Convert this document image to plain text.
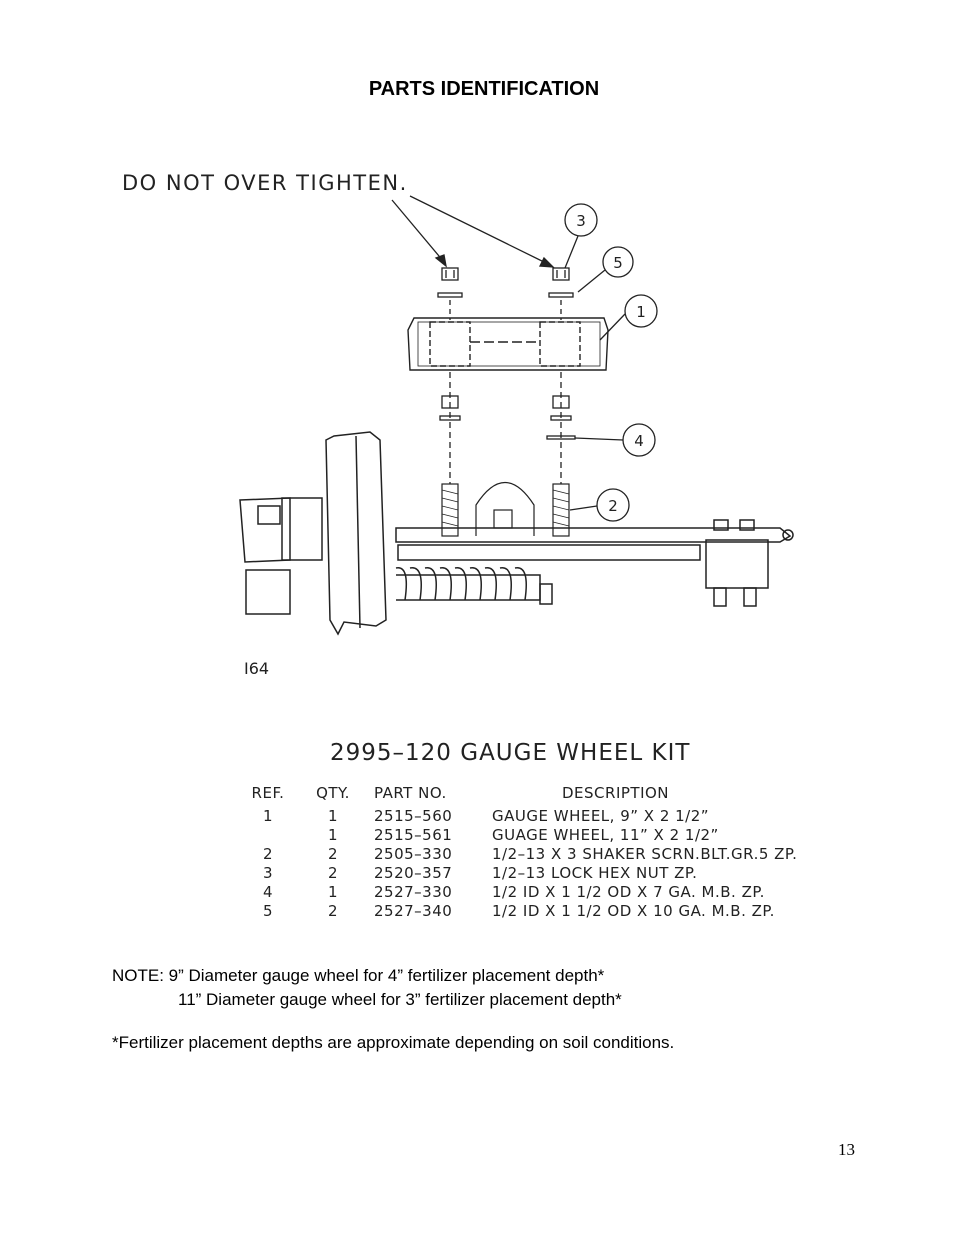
PARTS IDENTIFICATION
DO NOT OVER TIGHTEN.
3
5
1
4
2
I64
2995–120 GAUGE WHEEL KIT
REF.	QTY.	PART NO.	DESCRIPTION
1	1	2515–560	GAUGE WHEEL, 9” X 2 1/2”
	1	2515–561	GUAGE WHEEL, 11” X 2 1/2”
2	2	2505–330	1/2–13 X 3 SHAKER SCRN.BLT.GR.5 ZP.
3	2	2520–357	1/2–13 LOCK HEX NUT ZP.
4	1	2527–330	1/2 ID X 1 1/2 OD X 7 GA. M.B. ZP.
5	2	2527–340	1/2 ID X 1 1/2 OD X 10 GA. M.B. ZP.
NOTE: 9” Diameter gauge wheel for 4” fertilizer placement depth*
11” Diameter gauge wheel for 3” fertilizer placement depth*
*Fertilizer placement depths are approximate depending on soil conditions.
13
